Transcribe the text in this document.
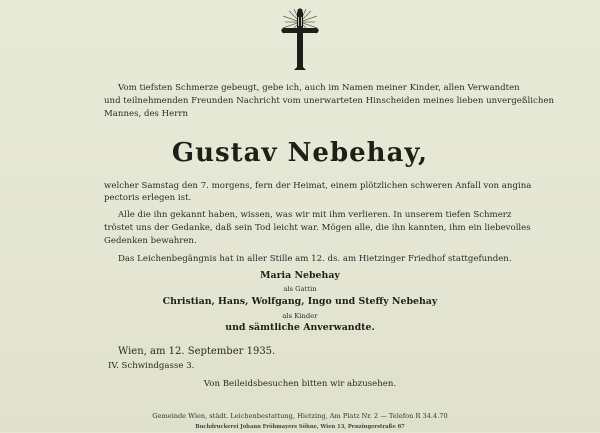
Vom tiefsten Schmerze gebeugt, gebe ich, auch im Namen meiner Kinder, allen Verwandten
und teilnehmenden Freunden Nachricht vom unerwarteten Hinscheiden meines lieben unvergeßlichen
Mannes, des Herrn
Gustav Nebehay,
welcher Samstag den 7. morgens, fern der Heimat, einem plötzlichen schweren Anfall von angina
pectoris erlegen ist.
Alle die ihn gekannt haben, wissen, was wir mit ihm verlieren. In unserem tiefen Schmerz
tröstet uns der Gedanke, daß sein Tod leicht war. Mögen alle, die ihn kannten, ihm ein liebevolles
Gedenken bewahren.
Das Leichenbegängnis hat in aller Stille am 12. ds. am Hietzinger Friedhof stattgefunden.
Maria Nebehay
als Gattin
Christian, Hans, Wolfgang, Ingo und Steffy Nebehay
als Kinder
und sämtliche Anverwandte.
Wien, am 12. September 1935.
IV. Schwindgasse 3.
Von Beileidsbesuchen bitten wir abzusehen.
Gemeinde Wien, städt. Leichenbestattung, Hietzing, Am Platz Nr. 2 — Telefon R 34.4.70
Buchdruckerei Johann Fröhmayers Söhne, Wien 13, Penzingerstraße 67
